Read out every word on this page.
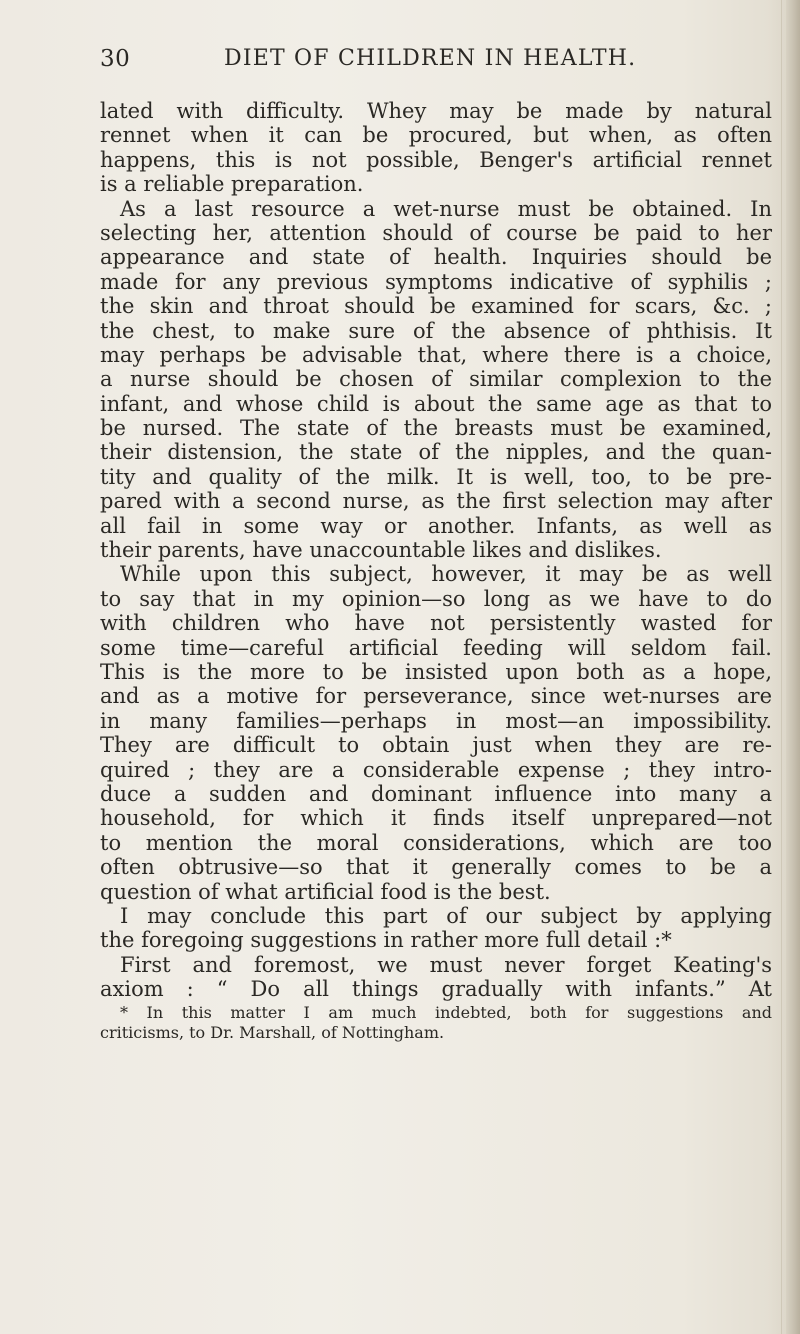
30	DIET OF CHILDREN IN HEALTH.
lated with difficulty. Whey may be made by natural
rennet when it can be procured, but when, as often
happens, this is not possible, Benger's artificial rennet
is a reliable preparation.
As a last resource a wet-nurse must be obtained. In
selecting her, attention should of course be paid to her
appearance and state of health. Inquiries should be
made for any previous symptoms indicative of syphilis ;
the skin and throat should be examined for scars, &c. ;
the chest, to make sure of the absence of phthisis. It
may perhaps be advisable that, where there is a choice,
a nurse should be chosen of similar complexion to the
infant, and whose child is about the same age as that to
be nursed. The state of the breasts must be examined,
their distension, the state of the nipples, and the quan-
tity and quality of the milk. It is well, too, to be pre-
pared with a second nurse, as the first selection may after
all fail in some way or another. Infants, as well as
their parents, have unaccountable likes and dislikes.
While upon this subject, however, it may be as well
to say that in my opinion—so long as we have to do
with children who have not persistently wasted for
some time—careful artificial feeding will seldom fail.
This is the more to be insisted upon both as a hope,
and as a motive for perseverance, since wet-nurses are
in many families—perhaps in most—an impossibility.
They are difficult to obtain just when they are re-
quired ; they are a considerable expense ; they intro-
duce a sudden and dominant influence into many a
household, for which it finds itself unprepared—not
to mention the moral considerations, which are too
often obtrusive—so that it generally comes to be a
question of what artificial food is the best.
I may conclude this part of our subject by applying
the foregoing suggestions in rather more full detail :*
First and foremost, we must never forget Keating's
axiom : “ Do all things gradually with infants.” At
* In this matter I am much indebted, both for suggestions and
criticisms, to Dr. Marshall, of Nottingham.
